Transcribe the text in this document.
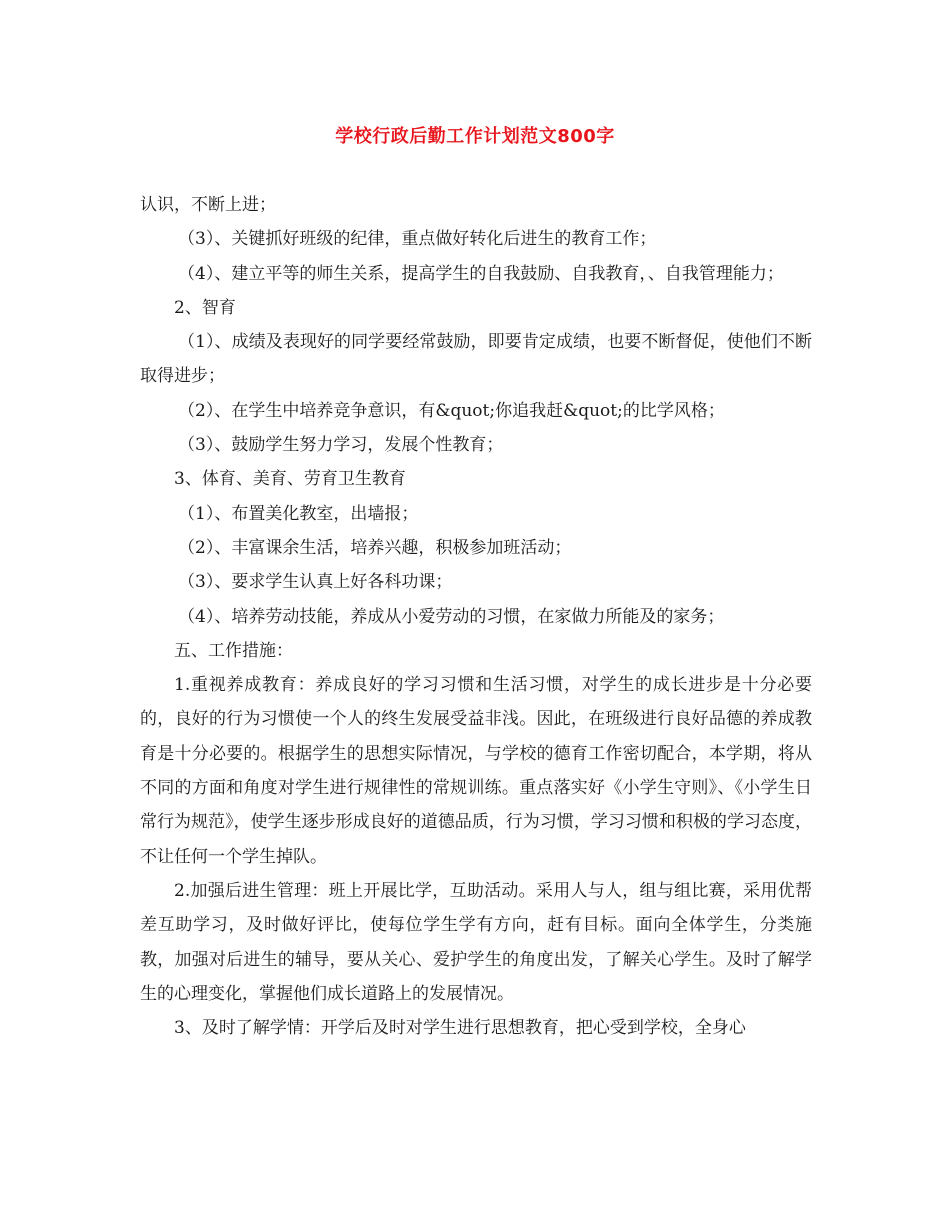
学校行政后勤工作计划范文800字

认识，不断上进；

（3）、关键抓好班级的纪律，重点做好转化后进生的教育工作；

（4）、建立平等的师生关系，提高学生的自我鼓励、自我教育，、自我管理能力；

2、智育

（1）、成绩及表现好的同学要经常鼓励，即要肯定成绩，也要不断督促，使他们不断取得进步；

（2）、在学生中培养竞争意识，有&quot;你追我赶&quot;的比学风格；

（3）、鼓励学生努力学习，发展个性教育；

3、体育、美育、劳育卫生教育

（1）、布置美化教室，出墙报；

（2）、丰富课余生活，培养兴趣，积极参加班活动；

（3）、要求学生认真上好各科功课；

（4）、培养劳动技能，养成从小爱劳动的习惯，在家做力所能及的家务；

五、工作措施：

1.重视养成教育：养成良好的学习习惯和生活习惯，对学生的成长进步是十分必要的，良好的行为习惯使一个人的终生发展受益非浅。因此，在班级进行良好品德的养成教育是十分必要的。根据学生的思想实际情况，与学校的德育工作密切配合，本学期，将从不同的方面和角度对学生进行规律性的常规训练。重点落实好《小学生守则》、《小学生日常行为规范》，使学生逐步形成良好的道德品质，行为习惯，学习习惯和积极的学习态度，不让任何一个学生掉队。

2.加强后进生管理：班上开展比学，互助活动。采用人与人，组与组比赛，采用优帮差互助学习，及时做好评比，使每位学生学有方向，赶有目标。面向全体学生，分类施教，加强对后进生的辅导，要从关心、爱护学生的角度出发，了解关心学生。及时了解学生的心理变化，掌握他们成长道路上的发展情况。

3、及时了解学情：开学后及时对学生进行思想教育，把心受到学校，全身心
